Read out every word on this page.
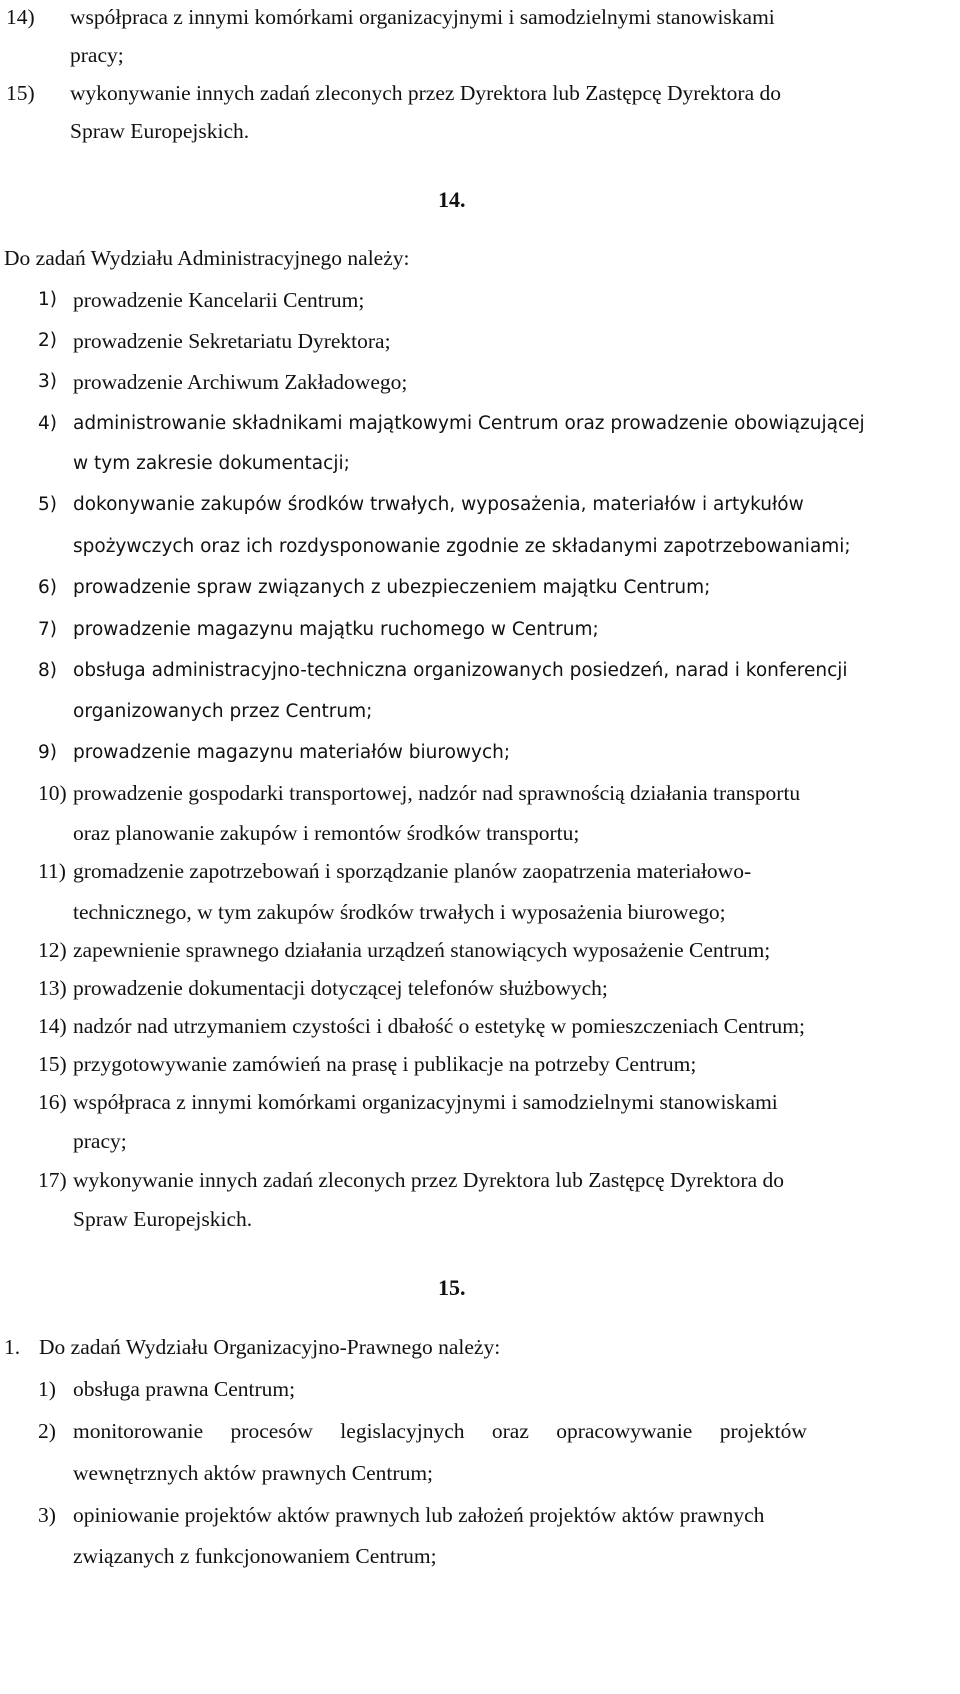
14) współpraca z innymi komórkami organizacyjnymi i samodzielnymi stanowiskami
pracy;
15) wykonywanie innych zadań zleconych przez Dyrektora lub Zastępcę Dyrektora do
Spraw Europejskich.
14.
Do zadań Wydziału Administracyjnego należy:
1) prowadzenie Kancelarii Centrum;
2) prowadzenie Sekretariatu Dyrektora;
3) prowadzenie Archiwum Zakładowego;
4) administrowanie składnikami majątkowymi Centrum oraz prowadzenie obowiązującej
w tym zakresie dokumentacji;
5) dokonywanie zakupów środków trwałych, wyposażenia, materiałów i artykułów
spożywczych oraz ich rozdysponowanie zgodnie ze składanymi zapotrzebowaniami;
6) prowadzenie spraw związanych z ubezpieczeniem majątku Centrum;
7) prowadzenie magazynu majątku ruchomego w Centrum;
8) obsługa administracyjno-techniczna organizowanych posiedzeń, narad i konferencji
organizowanych przez Centrum;
9) prowadzenie magazynu materiałów biurowych;
10) prowadzenie gospodarki transportowej, nadzór nad sprawnością działania transportu
oraz planowanie zakupów i remontów środków transportu;
11) gromadzenie zapotrzebowań i sporządzanie planów zaopatrzenia materiałowo-
technicznego, w tym zakupów środków trwałych i wyposażenia biurowego;
12) zapewnienie sprawnego działania urządzeń stanowiących wyposażenie Centrum;
13) prowadzenie dokumentacji dotyczącej telefonów służbowych;
14) nadzór nad utrzymaniem czystości i dbałość o estetykę w pomieszczeniach Centrum;
15) przygotowywanie zamówień na prasę i publikacje na potrzeby Centrum;
16) współpraca z innymi komórkami organizacyjnymi i samodzielnymi stanowiskami
pracy;
17) wykonywanie innych zadań zleconych przez Dyrektora lub Zastępcę Dyrektora do
Spraw Europejskich.
15.
1. Do zadań Wydziału Organizacyjno-Prawnego należy:
1) obsługa prawna Centrum;
2) monitorowanie procesów legislacyjnych oraz opracowywanie projektów
wewnętrznych aktów prawnych Centrum;
3) opiniowanie projektów aktów prawnych lub założeń projektów aktów prawnych
związanych z funkcjonowaniem Centrum;
